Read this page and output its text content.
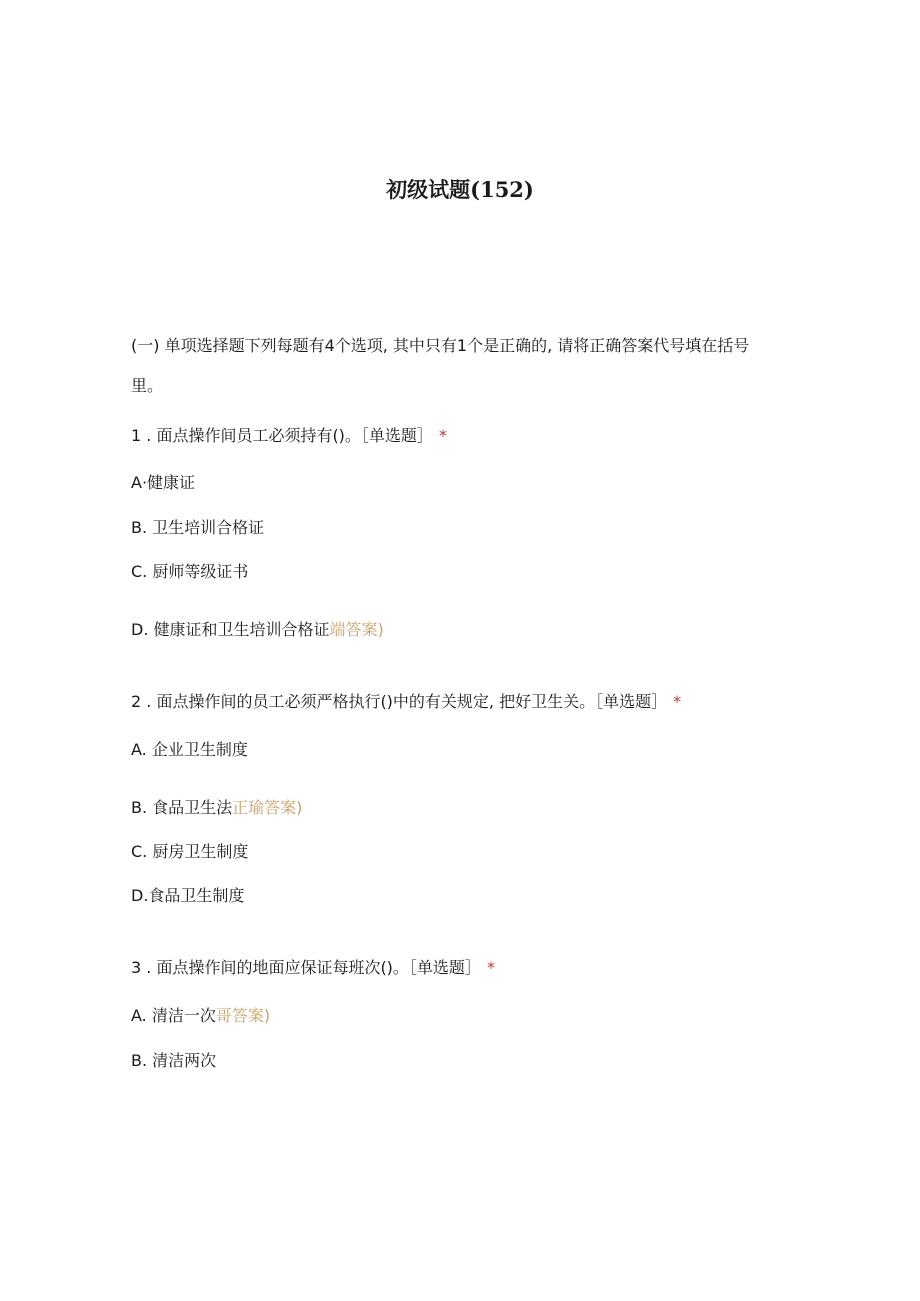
初级试题(152)
(一) 单项选择题下列每题有4个选项, 其中只有1个是正确的, 请将正确答案代号填在括号里。
1 . 面点操作间员工必须持有()。［单选题］ *
A·健康证
B. 卫生培训合格证
C. 厨师等级证书
D. 健康证和卫生培训合格证端答案)
2 . 面点操作间的员工必须严格执行()中的有关规定, 把好卫生关。［单选题］ *
A. 企业卫生制度
B. 食品卫生法正瑜答案)
C. 厨房卫生制度
D.食品卫生制度
3 . 面点操作间的地面应保证每班次()。［单选题］ *
A. 清洁一次哥答案)
B. 清洁两次
